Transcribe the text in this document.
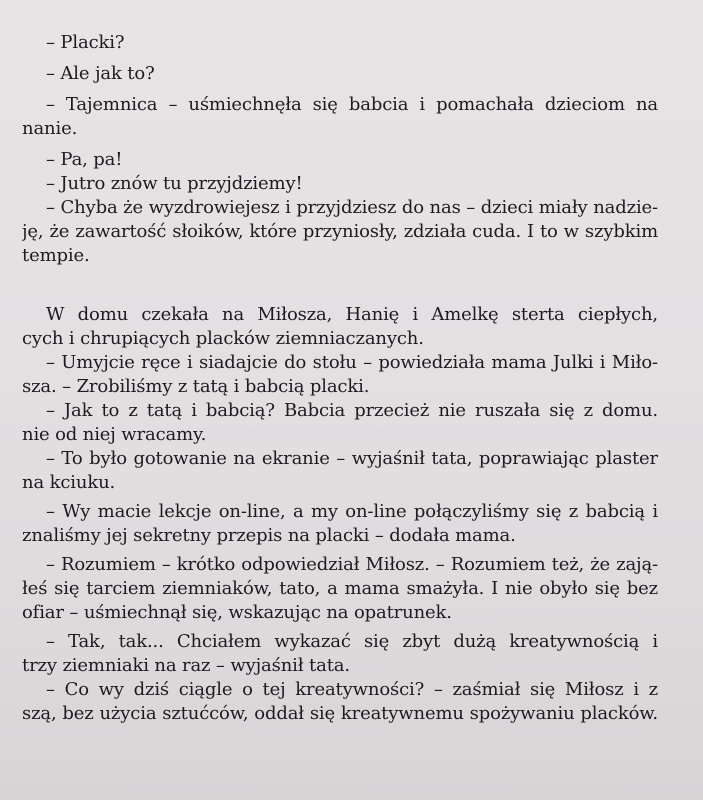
– Placki?
– Ale jak to?
– Tajemnica – uśmiechnęła się babcia i pomachała dzieciom na
nanie.
– Pa, pa!
– Jutro znów tu przyjdziemy!
– Chyba że wyzdrowiejesz i przyjdziesz do nas – dzieci miały nadzie-
ję, że zawartość słoików, które przyniosły, zdziała cuda. I to w szybkim
tempie.
W domu czekała na Miłosza, Hanię i Amelkę sterta ciepłych,
cych i chrupiących placków ziemniaczanych.
– Umyjcie ręce i siadajcie do stołu – powiedziała mama Julki i Miło-
sza. – Zrobiliśmy z tatą i babcią placki.
– Jak to z tatą i babcią? Babcia przecież nie ruszała się z domu.
nie od niej wracamy.
– To było gotowanie na ekranie – wyjaśnił tata, poprawiając plaster
na kciuku.
– Wy macie lekcje on-line, a my on-line połączyliśmy się z babcią i
znaliśmy jej sekretny przepis na placki – dodała mama.
– Rozumiem – krótko odpowiedział Miłosz. – Rozumiem też, że zają-
łeś się tarciem ziemniaków, tato, a mama smażyła. I nie obyło się bez
ofiar – uśmiechnął się, wskazując na opatrunek.
– Tak, tak... Chciałem wykazać się zbyt dużą kreatywnością i
trzy ziemniaki na raz – wyjaśnił tata.
– Co wy dziś ciągle o tej kreatywności? – zaśmiał się Miłosz i z
szą, bez użycia sztućców, oddał się kreatywnemu spożywaniu placków.
